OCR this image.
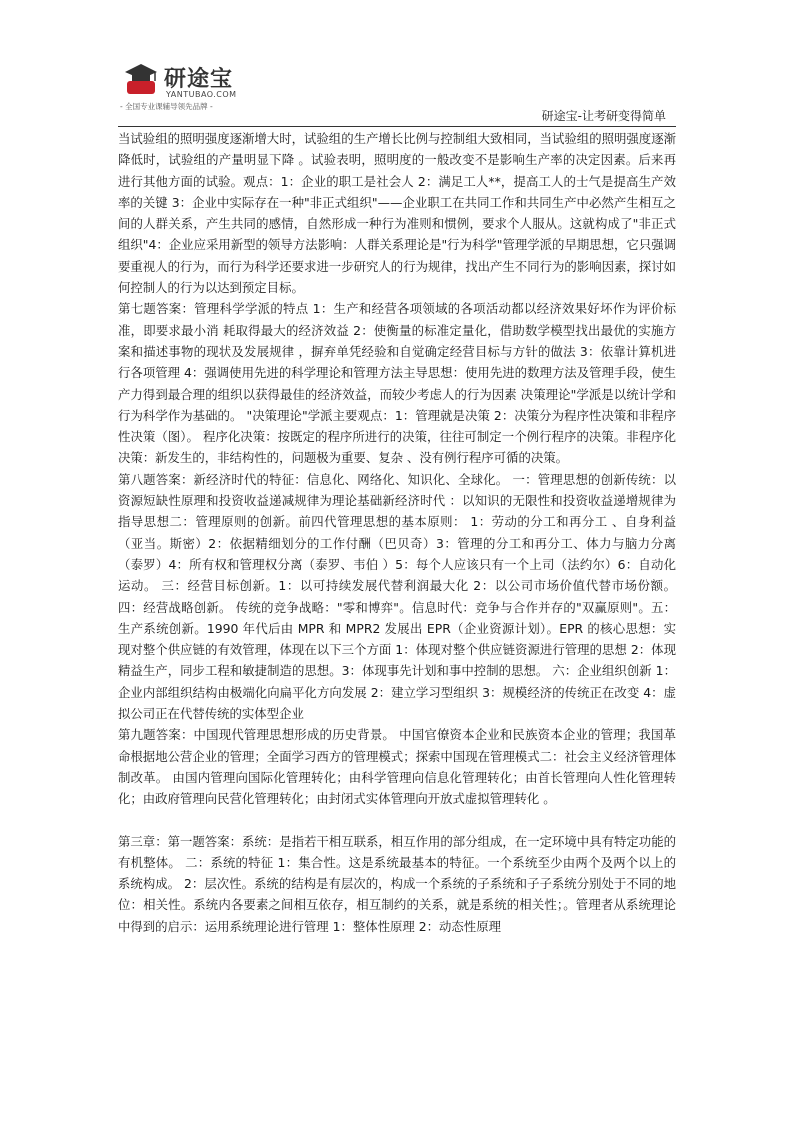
研途宝
YANTUBAO.COM
- 全国专业课辅导领先品牌 -
研途宝-让考研变得简单

当试验组的照明强度逐渐增大时，试验组的生产增长比例与控制组大致相同，当试验组的照明强度逐渐降低时，试验组的产量明显下降 。试验表明，照明度的一般改变不是影响生产率的决定因素。后来再进行其他方面的试验。观点：1：企业的职工是社会人 2：满足工人**，提高工人的士气是提高生产效率的关键 3：企业中实际存在一种"非正式组织"——企业职工在共同工作和共同生产中必然产生相互之间的人群关系，产生共同的感情，自然形成一种行为准则和惯例，要求个人服从。这就构成了"非正式组织"4：企业应采用新型的领导方法影响：人群关系理论是"行为科学"管理学派的早期思想，它只强调要重视人的行为，而行为科学还要求进一步研究人的行为规律，找出产生不同行为的影响因素，探讨如何控制人的行为以达到预定目标。

第七题答案：管理科学学派的特点 1：生产和经营各项领域的各项活动都以经济效果好坏作为评价标准，即要求最小消 耗取得最大的经济效益 2：使衡量的标准定量化，借助数学模型找出最优的实施方案和描述事物的现状及发展规律 ，摒弃单凭经验和自觉确定经营目标与方针的做法 3：依靠计算机进行各项管理 4：强调使用先进的科学理论和管理方法主导思想：使用先进的数理方法及管理手段，使生产力得到最合理的组织以获得最佳的经济效益，而较少考虑人的行为因素 决策理论"学派是以统计学和行为科学作为基础的。 "决策理论"学派主要观点：1：管理就是决策 2：决策分为程序性决策和非程序性决策（图）。 程序化决策：按既定的程序所进行的决策，往往可制定一个例行程序的决策。非程序化决策：新发生的，非结构性的，问题极为重要、复杂 、没有例行程序可循的决策。

第八题答案：新经济时代的特征：信息化、网络化、知识化、全球化。 一：管理思想的创新传统：以资源短缺性原理和投资收益递减规律为理论基础新经济时代 ：以知识的无限性和投资收益递增规律为指导思想二：管理原则的创新。前四代管理思想的基本原则： 1：劳动的分工和再分工 、自身利益（亚当。斯密）2：依据精细划分的工作付酬（巴贝奇）3：管理的分工和再分工、体力与脑力分离（泰罗）4：所有权和管理权分离（泰罗、韦伯 ）5：每个人应该只有一个上司（法约尔）6：自动化运动。 三：经营目标创新。1：以可持续发展代替利润最大化 2：以公司市场价值代替市场份额。 四：经营战略创新。 传统的竞争战略："零和博弈"。信息时代：竞争与合作并存的"双赢原则"。五：生产系统创新。1990 年代后由 MPR 和 MPR2 发展出 EPR（企业资源计划）。EPR 的核心思想：实现对整个供应链的有效管理，体现在以下三个方面 1：体现对整个供应链资源进行管理的思想 2：体现精益生产，同步工程和敏捷制造的思想。3：体现事先计划和事中控制的思想。 六：企业组织创新 1：企业内部组织结构由极端化向扁平化方向发展 2：建立学习型组织 3：规模经济的传统正在改变 4：虚拟公司正在代替传统的实体型企业

第九题答案：中国现代管理思想形成的历史背景。 中国官僚资本企业和民族资本企业的管理；我国革命根据地公营企业的管理；全面学习西方的管理模式；探索中国现在管理模式二：社会主义经济管理体制改革。 由国内管理向国际化管理转化；由科学管理向信息化管理转化；由首长管理向人性化管理转化；由政府管理向民营化管理转化；由封闭式实体管理向开放式虚拟管理转化 。

第三章：第一题答案：系统：是指若干相互联系，相互作用的部分组成，在一定环境中具有特定功能的有机整体。 二：系统的特征 1：集合性。这是系统最基本的特征。一个系统至少由两个及两个以上的系统构成。 2：层次性。系统的结构是有层次的，构成一个系统的子系统和子子系统分别处于不同的地位：相关性。系统内各要素之间相互依存，相互制约的关系，就是系统的相关性；。管理者从系统理论中得到的启示：运用系统理论进行管理 1：整体性原理 2：动态性原理
